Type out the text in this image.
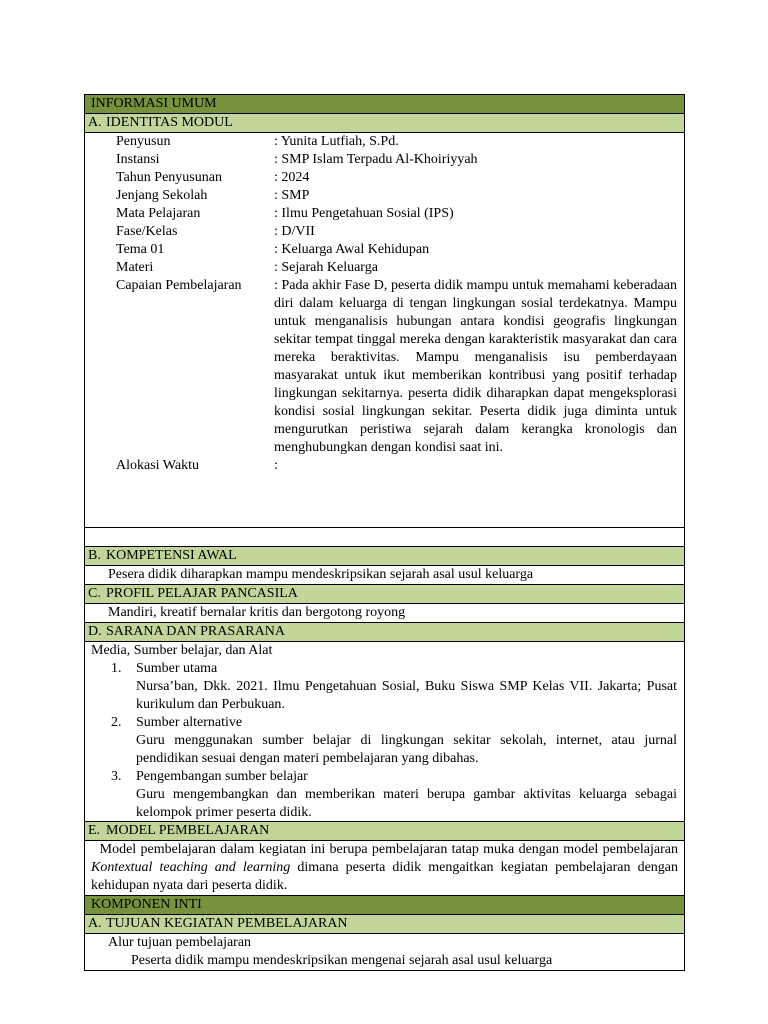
INFORMASI UMUM
A. IDENTITAS MODUL
Penyusun	: Yunita Lutfiah, S.Pd.
Instansi	: SMP Islam Terpadu Al-Khoiriyyah
Tahun Penyusunan	: 2024
Jenjang Sekolah	: SMP
Mata Pelajaran	: Ilmu Pengetahuan Sosial (IPS)
Fase/Kelas	: D/VII
Tema 01	: Keluarga Awal Kehidupan
Materi	: Sejarah Keluarga
Capaian Pembelajaran	: Pada akhir Fase D, peserta didik mampu untuk memahami keberadaan diri dalam keluarga di tengan lingkungan sosial terdekatnya. Mampu untuk menganalisis hubungan antara kondisi geografis lingkungan sekitar tempat tinggal mereka dengan karakteristik masyarakat dan cara mereka beraktivitas. Mampu menganalisis isu pemberdayaan masyarakat untuk ikut memberikan kontribusi yang positif terhadap lingkungan sekitarnya. peserta didik diharapkan dapat mengeksplorasi kondisi sosial lingkungan sekitar. Peserta didik juga diminta untuk mengurutkan peristiwa sejarah dalam kerangka kronologis dan menghubungkan dengan kondisi saat ini.
Alokasi Waktu	:
B. KOMPETENSI AWAL
Pesera didik diharapkan mampu mendeskripsikan sejarah asal usul keluarga
C. PROFIL PELAJAR PANCASILA
Mandiri, kreatif bernalar kritis dan bergotong royong
D. SARANA DAN PRASARANA
Media, Sumber belajar, dan Alat
1.	Sumber utama
Nursa’ban, Dkk. 2021. Ilmu Pengetahuan Sosial, Buku Siswa SMP Kelas VII. Jakarta; Pusat kurikulum dan Perbukuan.
2.	Sumber alternative
Guru menggunakan sumber belajar di lingkungan sekitar sekolah, internet, atau jurnal pendidikan sesuai dengan materi pembelajaran yang dibahas.
3.	Pengembangan sumber belajar
Guru mengembangkan dan memberikan materi berupa gambar aktivitas keluarga sebagai kelompok primer peserta didik.
E. MODEL PEMBELAJARAN
Model pembelajaran dalam kegiatan ini berupa pembelajaran tatap muka dengan model pembelajaran Kontextual teaching and learning dimana peserta didik mengaitkan kegiatan pembelajaran dengan kehidupan nyata dari peserta didik.
KOMPONEN INTI
A. TUJUAN KEGIATAN PEMBELAJARAN
Alur tujuan pembelajaran
Peserta didik mampu mendeskripsikan mengenai sejarah asal usul keluarga
